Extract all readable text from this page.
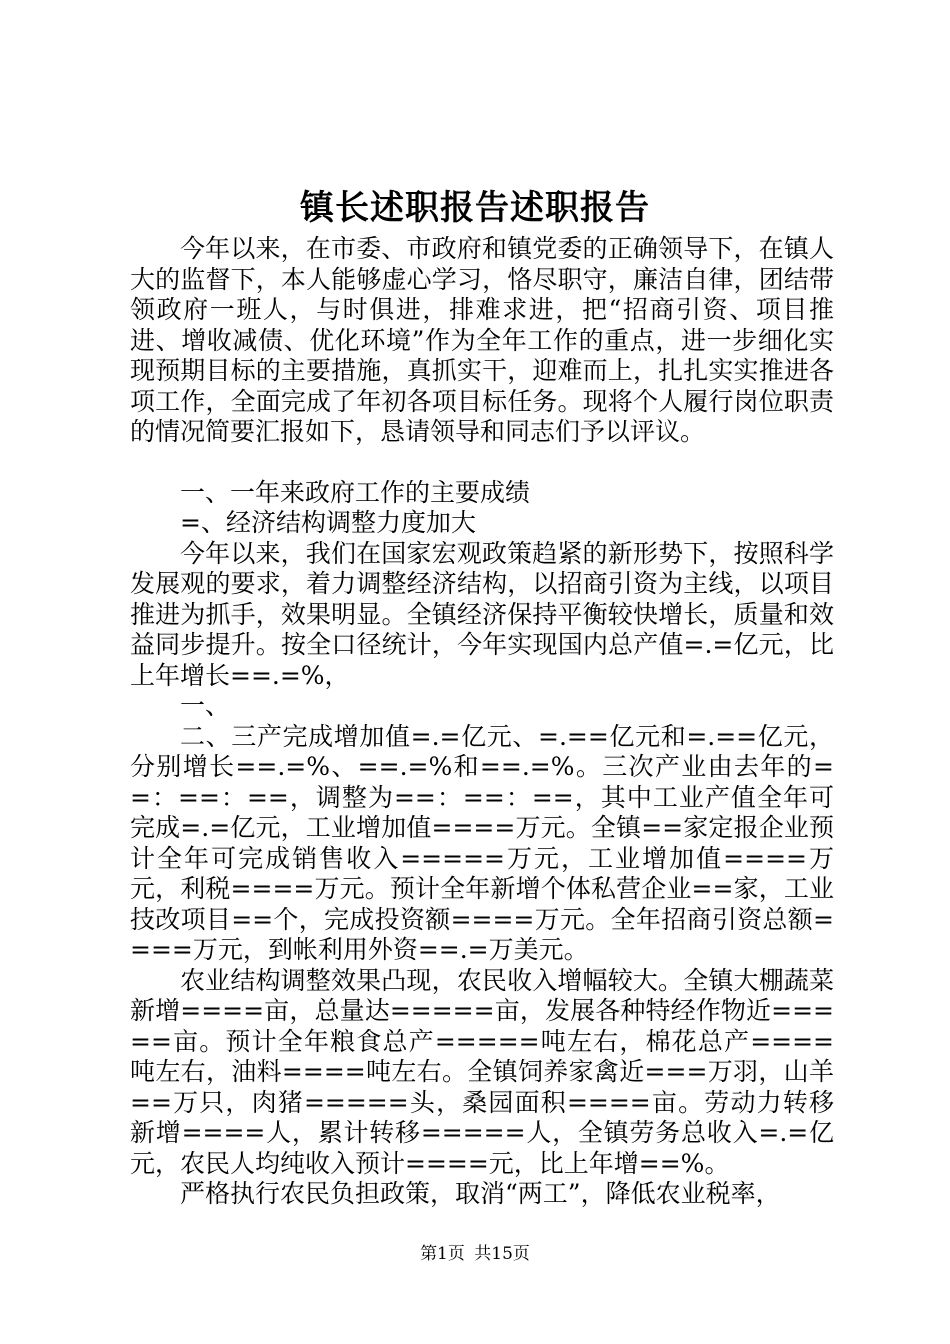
镇长述职报告述职报告

今年以来，在市委、市政府和镇党委的正确领导下，在镇人大的监督下，本人能够虚心学习，恪尽职守，廉洁自律，团结带领政府一班人，与时俱进，排难求进，把“招商引资、项目推进、增收减债、优化环境”作为全年工作的重点，进一步细化实现预期目标的主要措施，真抓实干，迎难而上，扎扎实实推进各项工作，全面完成了年初各项目标任务。现将个人履行岗位职责的情况简要汇报如下，恳请领导和同志们予以评议。

一、一年来政府工作的主要成绩

=、经济结构调整力度加大

今年以来，我们在国家宏观政策趋紧的新形势下，按照科学发展观的要求，着力调整经济结构，以招商引资为主线，以项目推进为抓手，效果明显。全镇经济保持平衡较快增长，质量和效益同步提升。按全口径统计，今年实现国内总产值=.=亿元，比上年增长==.=%，

一、

二、三产完成增加值=.=亿元、=.==亿元和=.==亿元，分别增长==.=%、==.=%和==.=%。三次产业由去年的==：==：==，调整为==：==：==，其中工业产值全年可完成=.=亿元，工业增加值====万元。全镇==家定报企业预计全年可完成销售收入=====万元，工业增加值====万元，利税====万元。预计全年新增个体私营企业==家，工业技改项目==个，完成投资额====万元。全年招商引资总额====万元，到帐利用外资==.=万美元。

农业结构调整效果凸现，农民收入增幅较大。全镇大棚蔬菜新增====亩，总量达=====亩，发展各种特经作物近=====亩。预计全年粮食总产=====吨左右，棉花总产====吨左右，油料====吨左右。全镇饲养家禽近===万羽，山羊==万只，肉猪=====头，桑园面积====亩。劳动力转移新增====人，累计转移=====人，全镇劳务总收入=.=亿元，农民人均纯收入预计====元，比上年增==%。

严格执行农民负担政策，取消“两工”，降低农业税率，

第1页 共15页
